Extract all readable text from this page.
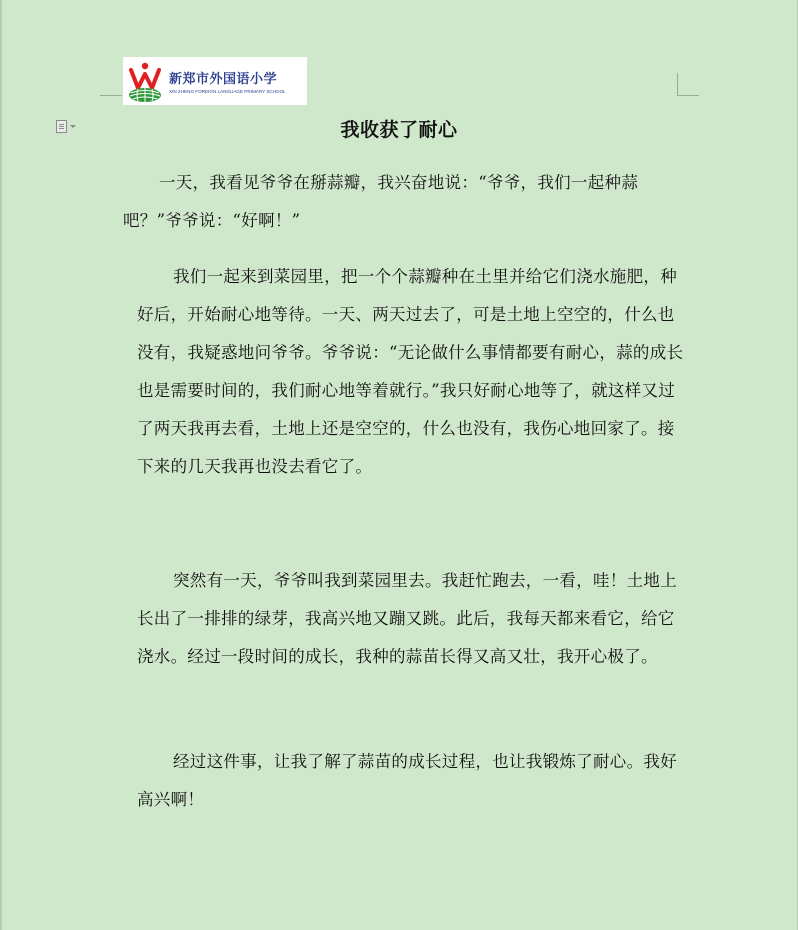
新郑市外国语小学
XIN ZHENG FOREIGN LANGUAGE PRIMARY SCHOOL
我收获了耐心

一天，我看见爷爷在掰蒜瓣，我兴奋地说：“爷爷，我们一起种蒜吧？”爷爷说：“好啊！”

我们一起来到菜园里，把一个个蒜瓣种在土里并给它们浇水施肥，种好后，开始耐心地等待。一天、两天过去了，可是土地上空空的，什么也没有，我疑惑地问爷爷。爷爷说：“无论做什么事情都要有耐心，蒜的成长也是需要时间的，我们耐心地等着就行。”我只好耐心地等了，就这样又过了两天我再去看，土地上还是空空的，什么也没有，我伤心地回家了。接下来的几天我再也没去看它了。

突然有一天，爷爷叫我到菜园里去。我赶忙跑去，一看，哇！土地上长出了一排排的绿芽，我高兴地又蹦又跳。此后，我每天都来看它，给它浇水。经过一段时间的成长，我种的蒜苗长得又高又壮，我开心极了。

经过这件事，让我了解了蒜苗的成长过程，也让我锻炼了耐心。我好高兴啊！
